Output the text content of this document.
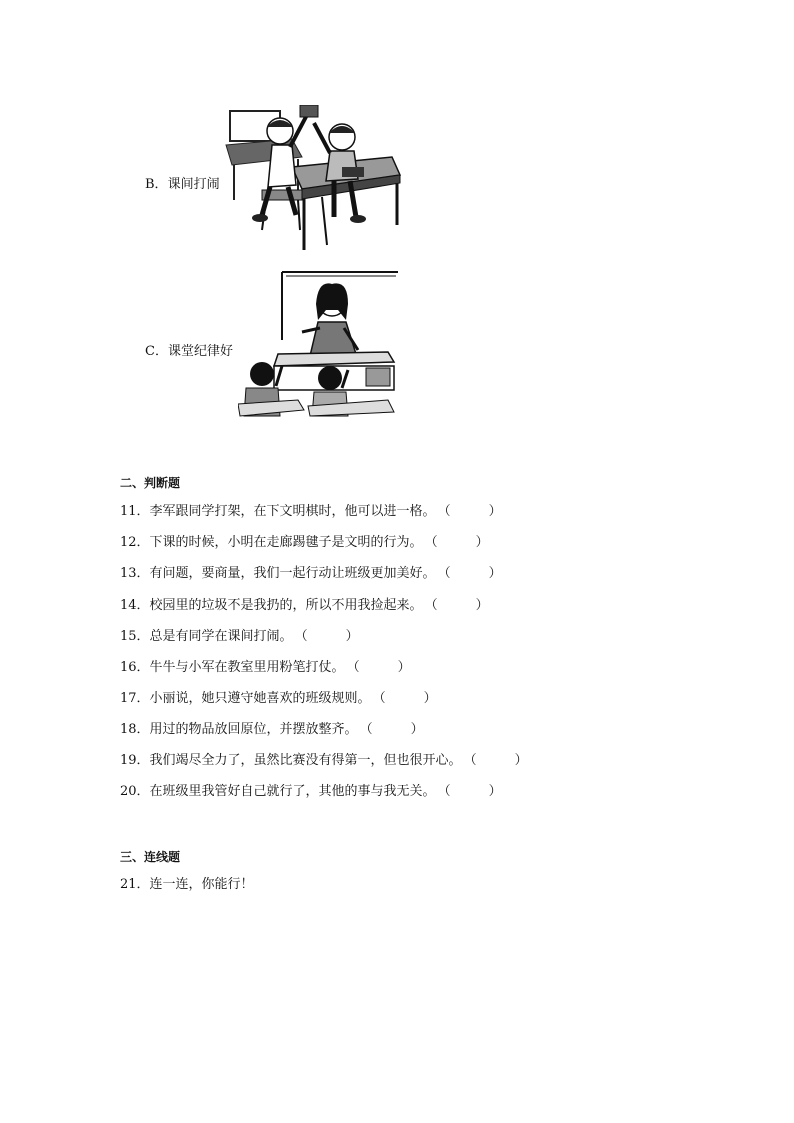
B．课间打闹
C．课堂纪律好
二、判断题
11．李军跟同学打架，在下文明棋时，他可以进一格。 （	）
12．下课的时候，小明在走廊踢毽子是文明的行为。 （	）
13．有问题，要商量，我们一起行动让班级更加美好。 （	）
14．校园里的垃圾不是我扔的，所以不用我捡起来。 （	）
15．总是有同学在课间打闹。 （	）
16．牛牛与小军在教室里用粉笔打仗。 （	）
17．小丽说，她只遵守她喜欢的班级规则。 （	）
18．用过的物品放回原位，并摆放整齐。 （	）
19．我们竭尽全力了，虽然比赛没有得第一，但也很开心。 （	）
20．在班级里我管好自己就行了，其他的事与我无关。 （	）
三、连线题
21．连一连，你能行！
